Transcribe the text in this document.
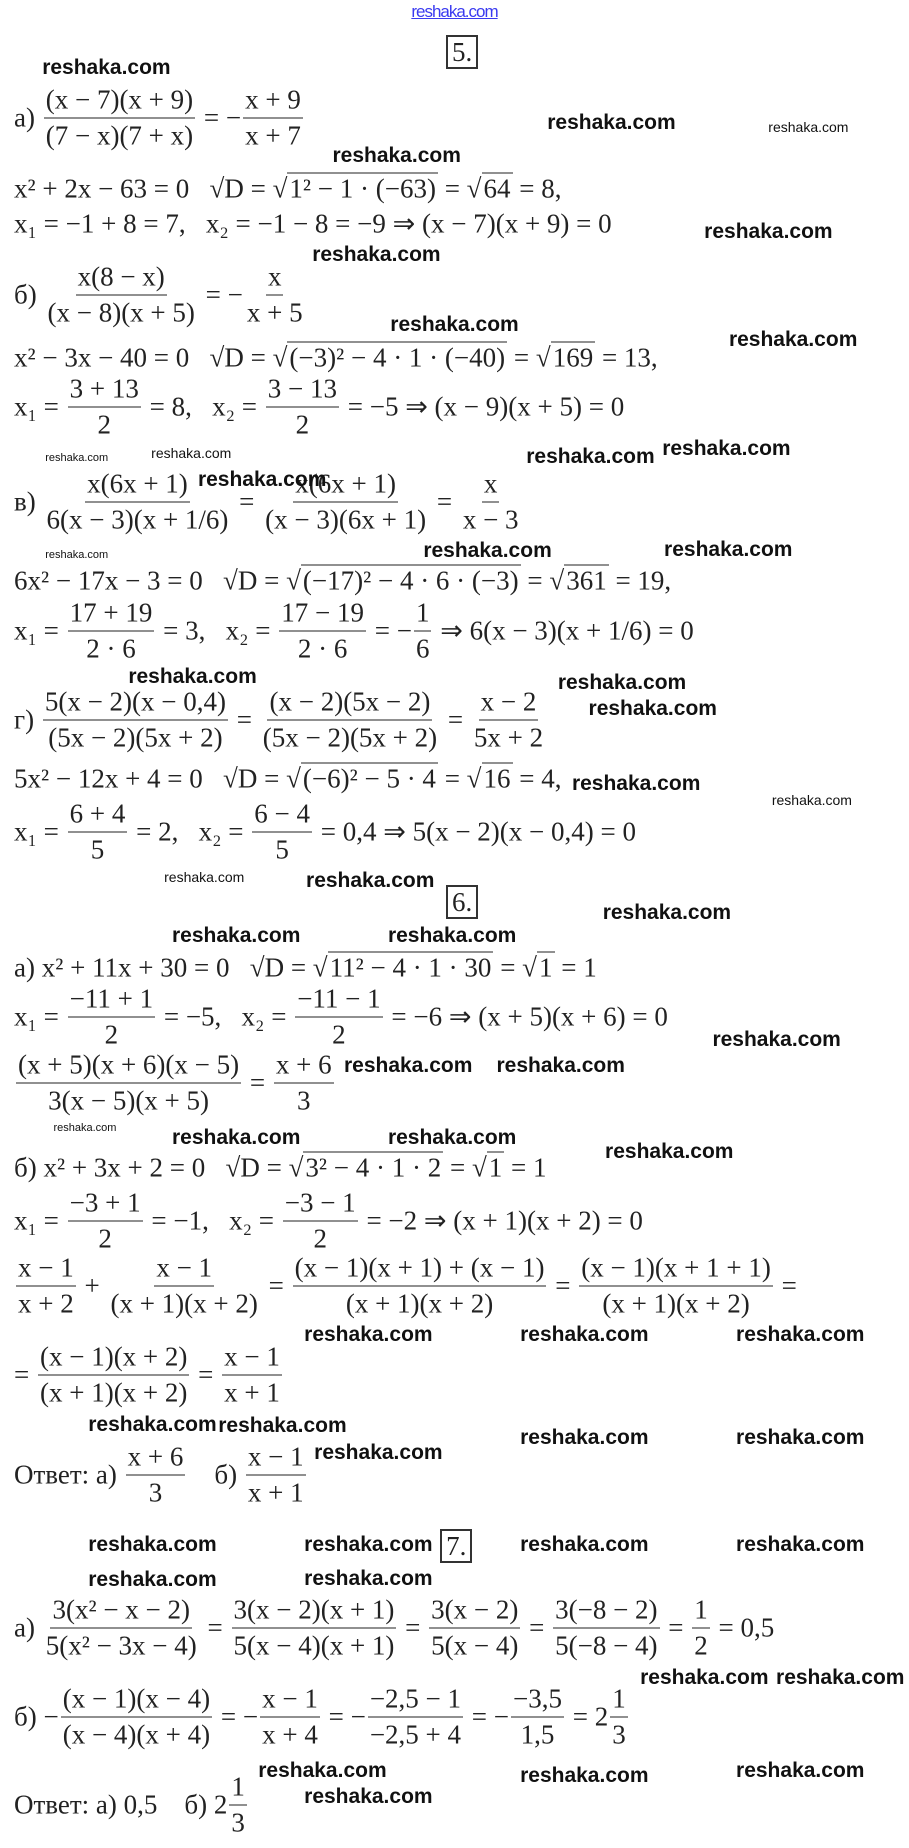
reshaka.com
5.
$а) \frac{(x - 7)(x + 9)}{(7 - x)(7 + x)}$ = − $\frac{x + 9}{x + 7}$
x² + 2x − 63 = 0   √D = √1² − 1 · (−63) = √64 = 8,
x₁ = −1 + 8 = 7,   x₂ = −1 − 8 = −9 ⇒ (x − 7)(x + 9) = 0
$б) \frac{x(8 - x)}{(x - 8)(x + 5)}$ = − $\frac{x}{x + 5}$
x² − 3x − 40 = 0   √D = √(−3)² − 4 · 1 · (−40) = √169 = 13,
$x_1 = \frac{3 + 13}{2} = 8$,   $x_2 = \frac{3 - 13}{2} = -5$ ⇒ (x − 9)(x + 5) = 0
$в) \frac{x(6x + 1)}{6(x - 3)(x + 1/6)} = \frac{x(6x + 1)}{(x - 3)(6x + 1)} = \frac{x}{x - 3}$
6x² − 17x − 3 = 0   √D = √(−17)² − 4 · 6 · (−3) = √361 = 19,
$x_1 = \frac{17 + 19}{2 \cdot 6} = 3$,   $x_2 = \frac{17 - 19}{2 \cdot 6}$ = − $\frac{1}{6}$ ⇒ 6(x − 3)(x + 1/6) = 0
$г) \frac{5(x - 2)(x - 0,4)}{(5x - 2)(5x + 2)} = \frac{(x - 2)(5x - 2)}{(5x - 2)(5x + 2)} = \frac{x - 2}{5x + 2}$
5x² − 12x + 4 = 0   √D = √(−6)² − 5 · 4 = √16 = 4,
$x_1 = \frac{6 + 4}{5} = 2$,   $x_2 = \frac{6 - 4}{5} = 0,4$ ⇒ 5(x − 2)(x − 0,4) = 0
6.
а) x² + 11x + 30 = 0   √D = √11² − 4 · 1 · 30 = √1 = 1
$x_1 = \frac{-11 + 1}{2} = -5$,   $x_2 = \frac{-11 - 1}{2} = -6$ ⇒ (x + 5)(x + 6) = 0
$\frac{(x + 5)(x + 6)(x - 5)}{3(x - 5)(x + 5)} = \frac{x + 6}{3}$
б) x² + 3x + 2 = 0   √D = √3² − 4 · 1 · 2 = √1 = 1
$x_1 = \frac{-3 + 1}{2} = -1$,   $x_2 = \frac{-3 - 1}{2} = -2$ ⇒ (x + 1)(x + 2) = 0
$\frac{x - 1}{x + 2} + \frac{x - 1}{(x + 1)(x + 2)} = \frac{(x - 1)(x + 1) + (x - 1)}{(x + 1)(x + 2)} = \frac{(x - 1)(x + 1 + 1)}{(x + 1)(x + 2)}$ =
= $\frac{(x - 1)(x + 2)}{(x + 1)(x + 2)} = \frac{x - 1}{x + 1}$
Ответ: $а) \frac{x + 6}{3} б) \frac{x - 1}{x + 1}$
7.
$а) \frac{\text{3(x² − x − 2)}}{\text{5(x² − 3x − 4)}} = \frac{3(x - 2)(x + 1)}{5(x - 4)(x + 1)} = \frac{3(x - 2)}{5(x - 4)} = \frac{3(-8 - 2)}{5(-8 - 4)} = \frac{1}{2} = 0,5$
$б) - \frac{(x - 1)(x - 4)}{(x - 4)(x + 4)}$ = − $\frac{x - 1}{x + 4}$ = − $\frac{-2,5 - 1}{-2,5 + 4}$ = − $\frac{-3,5}{1,5} = 2 \frac{1}{3}$
Ответ: а) 0,5    б) $2 \frac{1}{3}$
reshaka.com
reshaka.com	reshaka.com
reshaka.com
reshaka.com
reshaka.com
reshaka.com
reshaka.com
reshaka.com	reshaka.com reshaka.com
reshaka.com
reshaka.com
reshaka.com	reshaka.com	reshaka.com
reshaka.com	reshaka.com
reshaka.com
reshaka.com	reshaka.com
reshaka.com
reshaka.com
reshaka.com
reshaka.com	reshaka.com
reshaka.com
reshaka.com reshaka.com
reshaka.com
reshaka.com
reshaka.com	reshaka.com
reshaka.com
reshaka.com	reshaka.com	reshaka.com
reshaka.com
reshaka.com
reshaka.com	reshaka.com
reshaka.com	reshaka.com	reshaka.com	reshaka.com
reshaka.com	reshaka.com
reshaka.com reshaka.com
reshaka.com
reshaka.com
reshaka.com	reshaka.com
